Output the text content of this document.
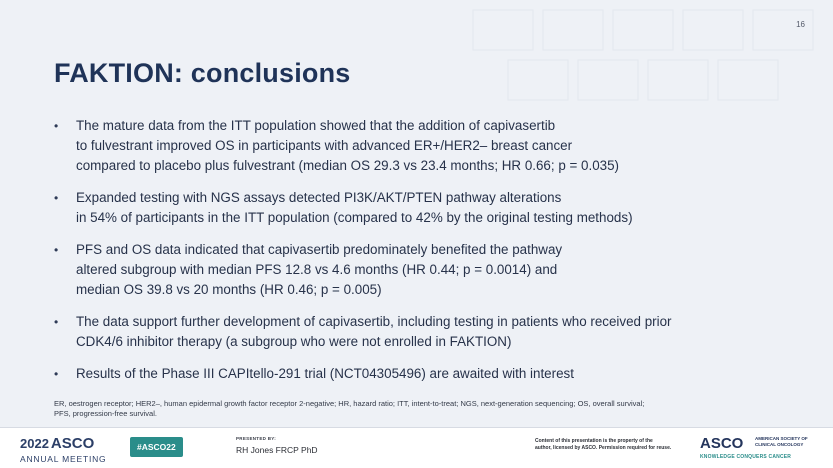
16
FAKTION: conclusions
• The mature data from the ITT population showed that the addition of capivasertib
to fulvestrant improved OS in participants with advanced ER+/HER2– breast cancer
compared to placebo plus fulvestrant (median OS 29.3 vs 23.4 months; HR 0.66; p = 0.035)
• Expanded testing with NGS assays detected PI3K/AKT/PTEN pathway alterations
in 54% of participants in the ITT population (compared to 42% by the original testing methods)
• PFS and OS data indicated that capivasertib predominately benefited the pathway
altered subgroup with median PFS 12.8 vs 4.6 months (HR 0.44; p = 0.0014) and
median OS 39.8 vs 20 months (HR 0.46; p = 0.005)
• The data support further development of capivasertib, including testing in patients who received prior
CDK4/6 inhibitor therapy (a subgroup who were not enrolled in FAKTION)
• Results of the Phase III CAPItello-291 trial (NCT04305496) are awaited with interest
ER, oestrogen receptor; HER2–, human epidermal growth factor receptor 2-negative; HR, hazard ratio; ITT, intent-to-treat; NGS, next-generation sequencing; OS, overall survival;
PFS, progression-free survival.
2022 ASCO
ANNUAL MEETING
#ASCO22
PRESENTED BY:
RH Jones FRCP PhD
Content of this presentation is the property of the
author, licensed by ASCO. Permission required for reuse.	ASCO	AMERICAN SOCIETY OF
CLINICAL ONCOLOGY
KNOWLEDGE CONQUERS CANCER
